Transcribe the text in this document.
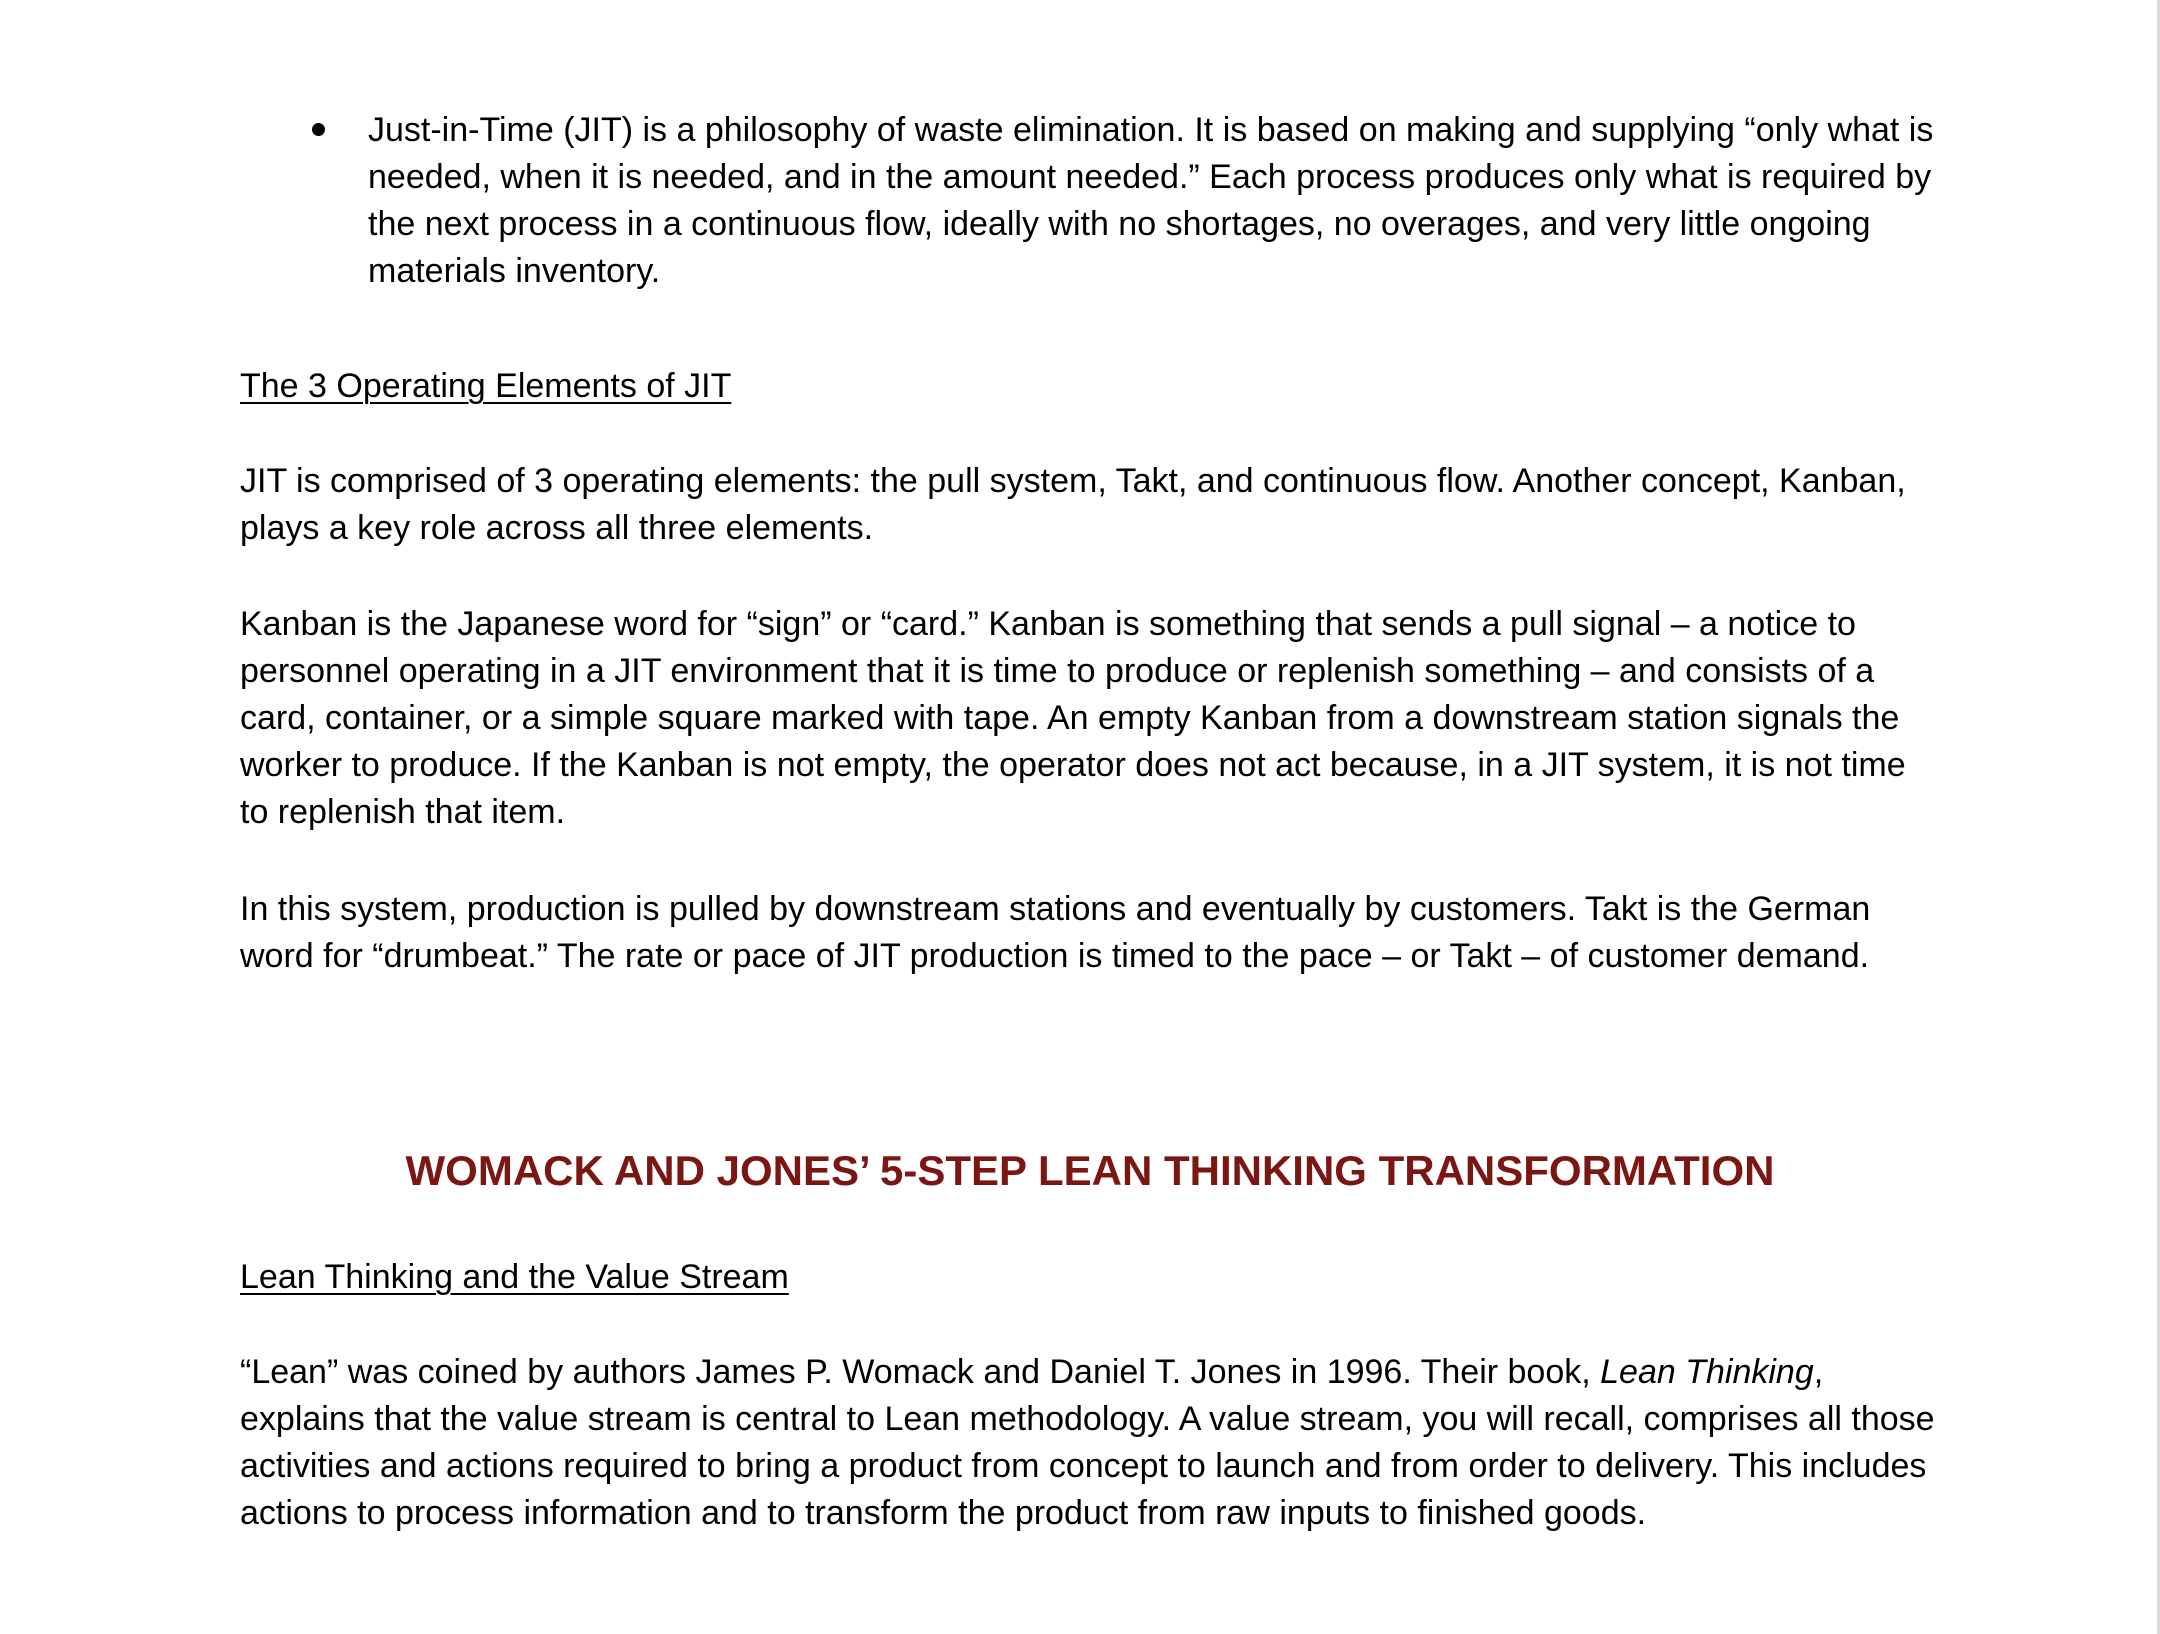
Just-in-Time (JIT) is a philosophy of waste elimination. It is based on making and supplying “only what is needed, when it is needed, and in the amount needed.” Each process produces only what is required by the next process in a continuous flow, ideally with no shortages, no overages, and very little ongoing materials inventory.

The 3 Operating Elements of JIT

JIT is comprised of 3 operating elements: the pull system, Takt, and continuous flow. Another concept, Kanban, plays a key role across all three elements.

Kanban is the Japanese word for “sign” or “card.” Kanban is something that sends a pull signal – a notice to personnel operating in a JIT environment that it is time to produce or replenish something – and consists of a card, container, or a simple square marked with tape. An empty Kanban from a downstream station signals the worker to produce. If the Kanban is not empty, the operator does not act because, in a JIT system, it is not time to replenish that item.

In this system, production is pulled by downstream stations and eventually by customers. Takt is the German word for “drumbeat.” The rate or pace of JIT production is timed to the pace – or Takt – of customer demand.

WOMACK AND JONES’ 5-STEP LEAN THINKING TRANSFORMATION

Lean Thinking and the Value Stream

“Lean” was coined by authors James P. Womack and Daniel T. Jones in 1996. Their book, Lean Thinking, explains that the value stream is central to Lean methodology. A value stream, you will recall, comprises all those activities and actions required to bring a product from concept to launch and from order to delivery. This includes actions to process information and to transform the product from raw inputs to finished goods.
